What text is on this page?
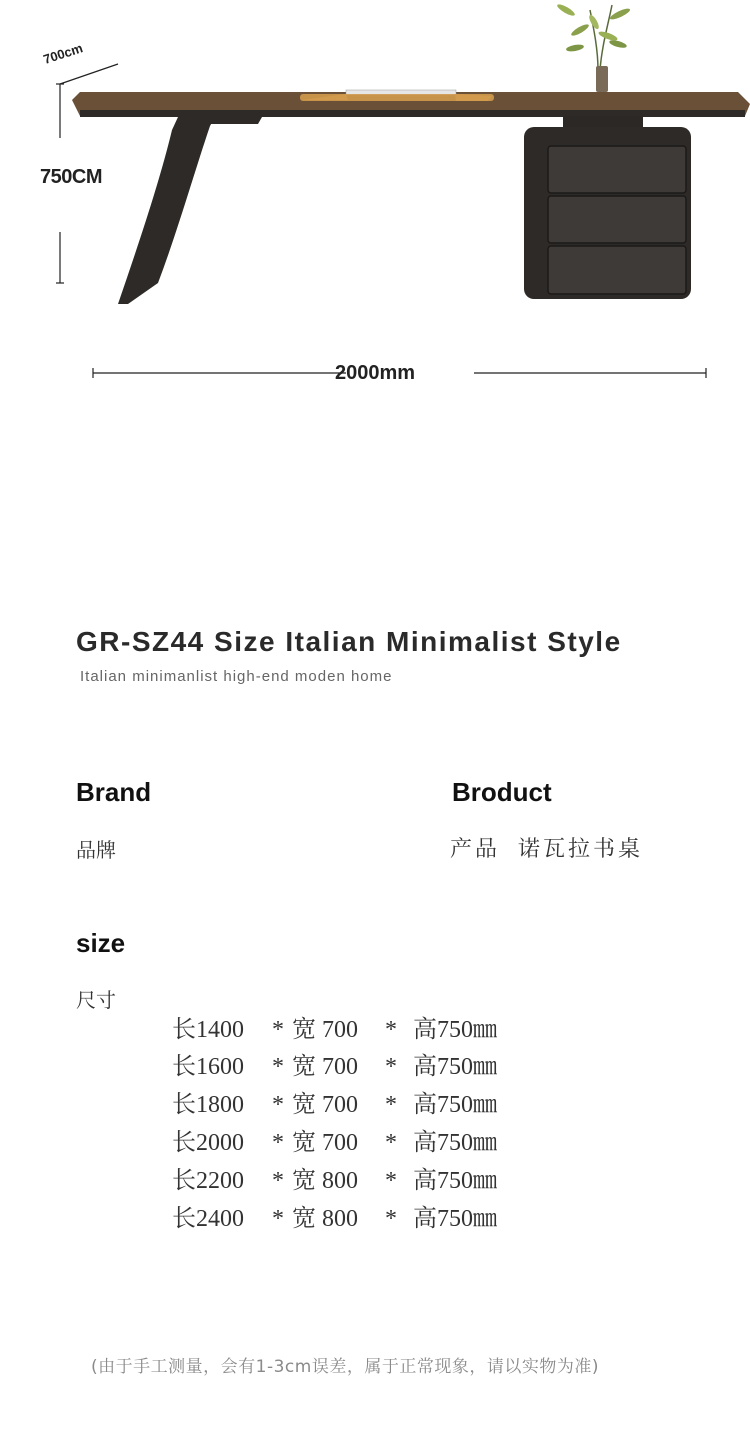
700cm
750CM
2000mm
GR-SZ44 Size Italian Minimalist Style
Italian minimanlist high-end moden home
Brand
品牌
Broduct
产品 诺瓦拉书桌
size
尺寸

长1400 * 宽 700 * 高750㎜

长1600 * 宽 700 * 高750㎜

长1800 * 宽 700 * 高750㎜

长2000 * 宽 700 * 高750㎜

长2200 * 宽 800 * 高750㎜

长2400 * 宽 800 * 高750㎜

(由于手工测量，会有1-3cm误差，属于正常现象，请以实物为准)
